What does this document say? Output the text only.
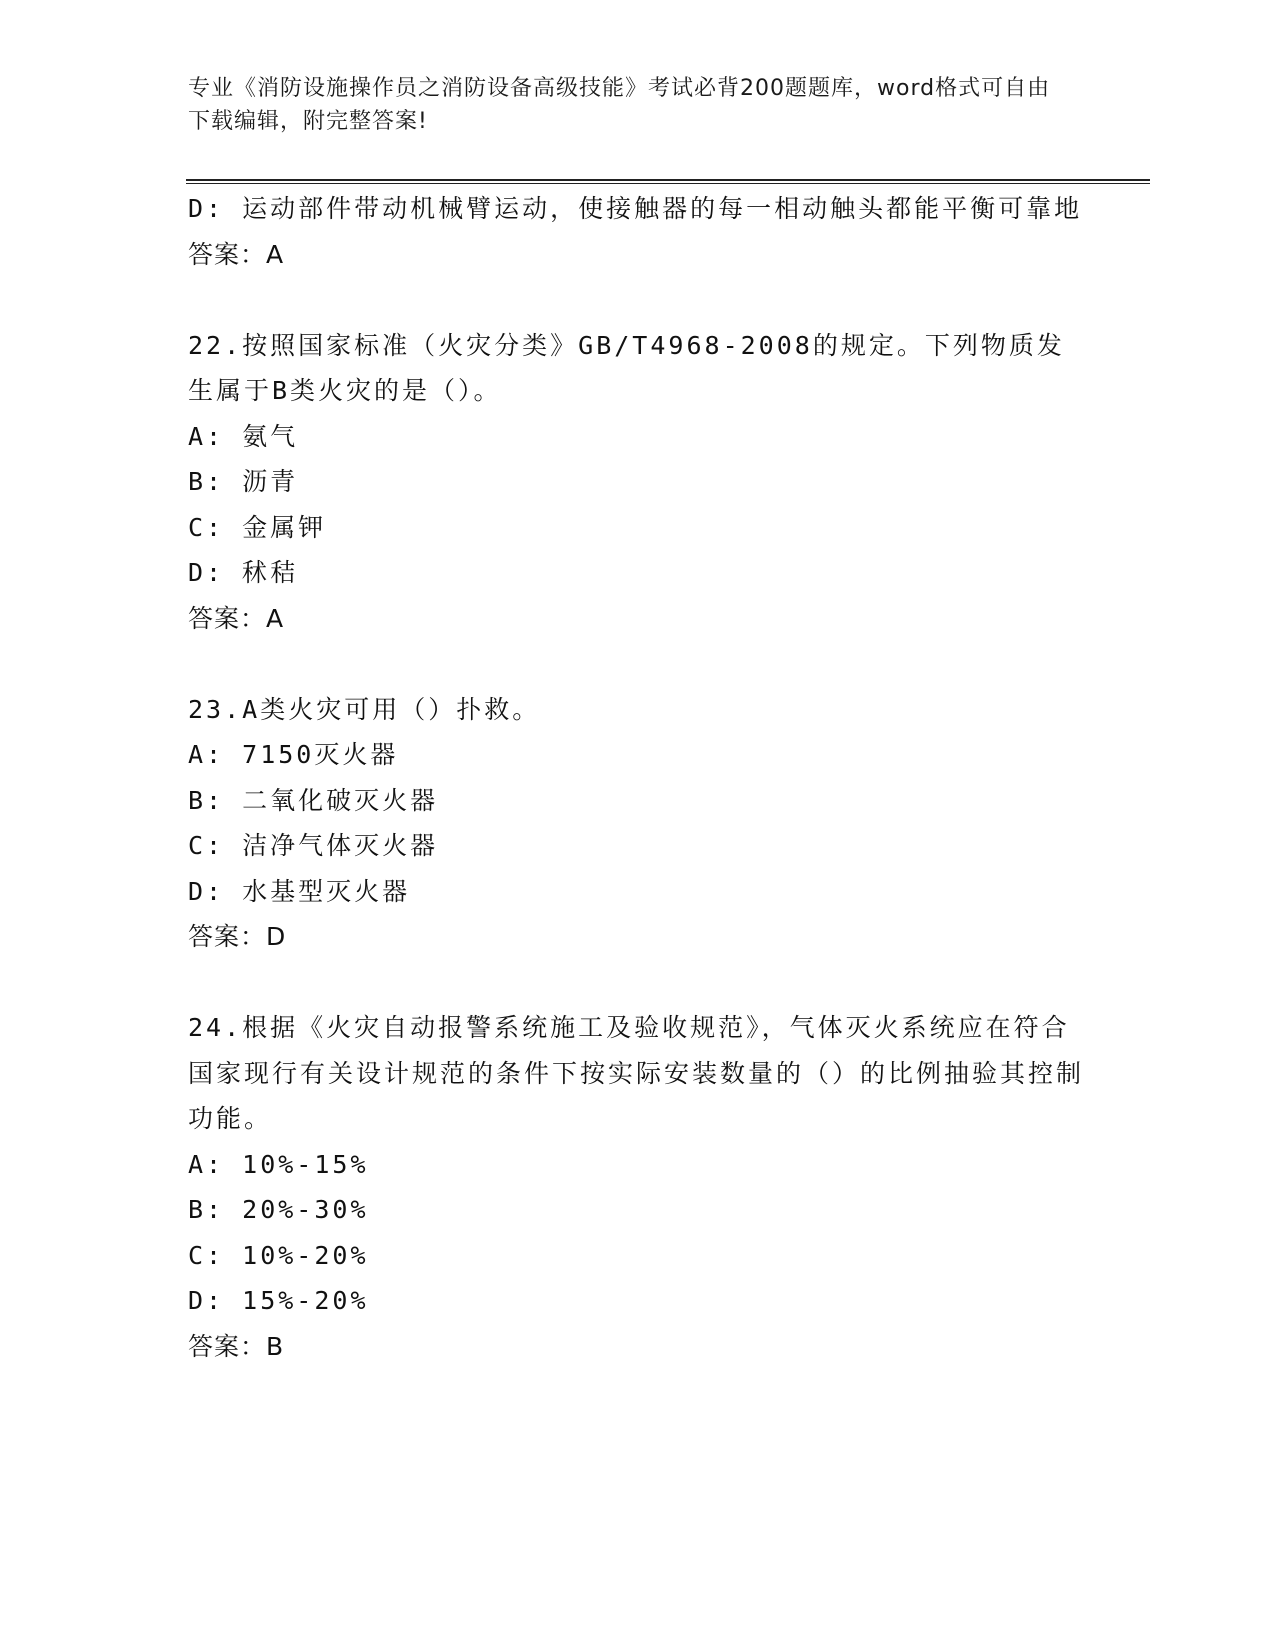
专业《消防设施操作员之消防设备高级技能》考试必背200题题库，word格式可自由下载编辑，附完整答案!
D: 运动部件带动机械臂运动，使接触器的每一相动触头都能平衡可靠地
答案：A
22.按照国家标准（火灾分类》GB/T4968-2008的规定。下列物质发生属于B类火灾的是（）。
A: 氨气
B: 沥青
C: 金属钾
D: 秫秸
答案：A
23.A类火灾可用（）扑救。
A: 7150灭火器
B: 二氧化破灭火器
C: 洁净气体灭火器
D: 水基型灭火器
答案：D
24.根据《火灾自动报警系统施工及验收规范》，气体灭火系统应在符合国家现行有关设计规范的条件下按实际安装数量的（）的比例抽验其控制功能。
A: 10%-15%
B: 20%-30%
C: 10%-20%
D: 15%-20%
答案：B
